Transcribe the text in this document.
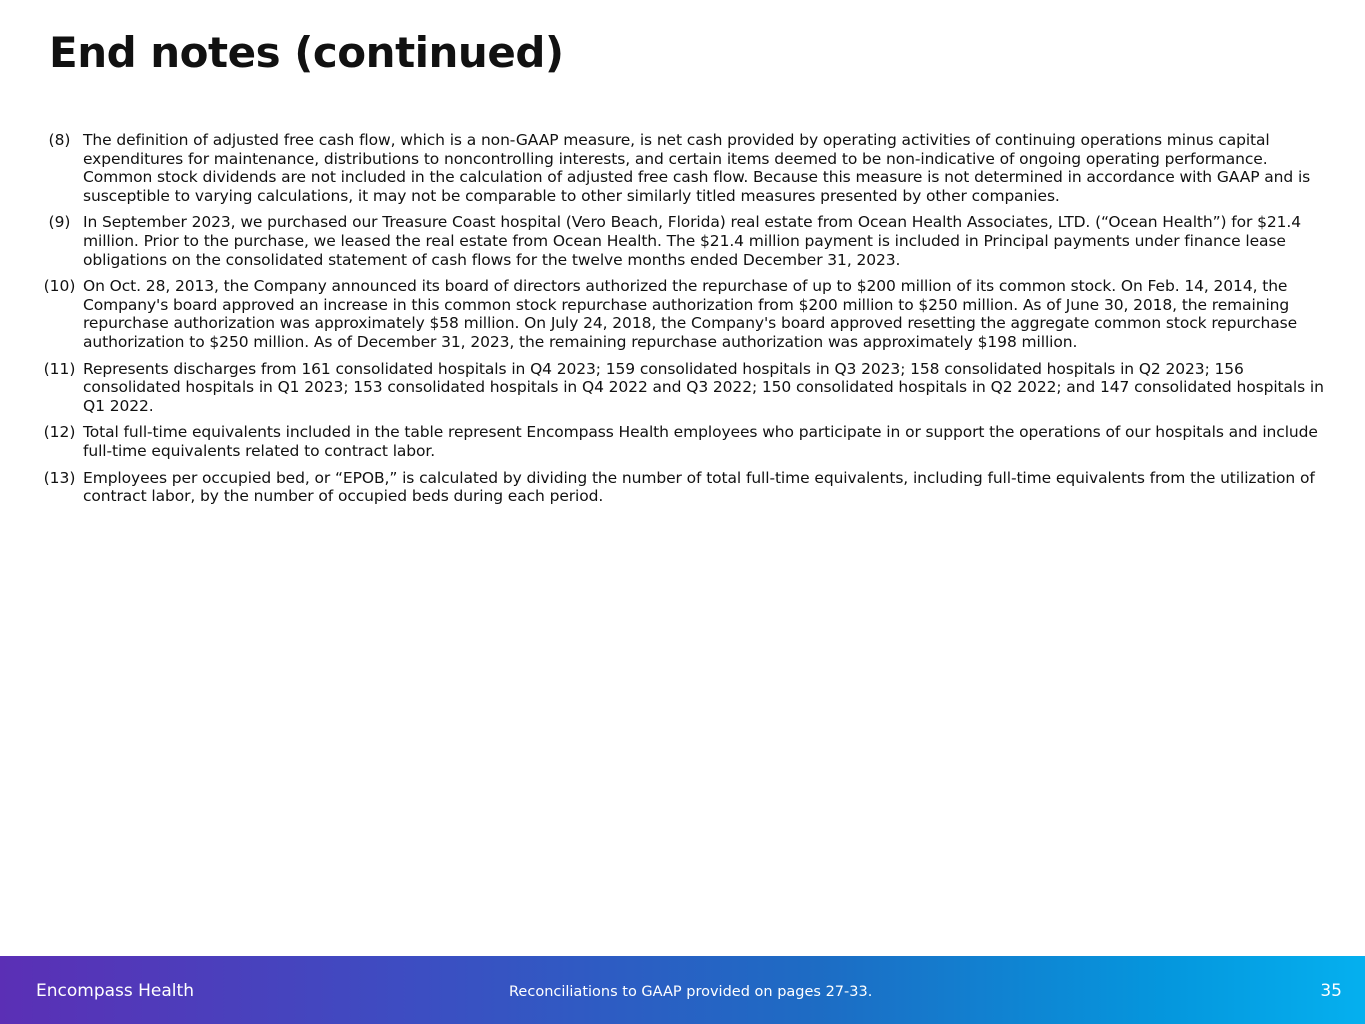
End notes (continued)
(8) The definition of adjusted free cash flow, which is a non-GAAP measure, is net cash provided by operating activities of continuing operations minus capital expenditures for maintenance, distributions to noncontrolling interests, and certain items deemed to be non-indicative of ongoing operating performance. Common stock dividends are not included in the calculation of adjusted free cash flow. Because this measure is not determined in accordance with GAAP and is susceptible to varying calculations, it may not be comparable to other similarly titled measures presented by other companies.
(9) In September 2023, we purchased our Treasure Coast hospital (Vero Beach, Florida) real estate from Ocean Health Associates, LTD. (“Ocean Health”) for $21.4 million. Prior to the purchase, we leased the real estate from Ocean Health. The $21.4 million payment is included in Principal payments under finance lease obligations on the consolidated statement of cash flows for the twelve months ended December 31, 2023.
(10) On Oct. 28, 2013, the Company announced its board of directors authorized the repurchase of up to $200 million of its common stock. On Feb. 14, 2014, the Company's board approved an increase in this common stock repurchase authorization from $200 million to $250 million. As of June 30, 2018, the remaining repurchase authorization was approximately $58 million. On July 24, 2018, the Company's board approved resetting the aggregate common stock repurchase authorization to $250 million. As of December 31, 2023, the remaining repurchase authorization was approximately $198 million.
(11) Represents discharges from 161 consolidated hospitals in Q4 2023; 159 consolidated hospitals in Q3 2023; 158 consolidated hospitals in Q2 2023; 156 consolidated hospitals in Q1 2023; 153 consolidated hospitals in Q4 2022 and Q3 2022; 150 consolidated hospitals in Q2 2022; and 147 consolidated hospitals in Q1 2022.
(12) Total full-time equivalents included in the table represent Encompass Health employees who participate in or support the operations of our hospitals and include full-time equivalents related to contract labor.
(13) Employees per occupied bed, or “EPOB,” is calculated by dividing the number of total full-time equivalents, including full-time equivalents from the utilization of contract labor, by the number of occupied beds during each period.
Encompass Health	Reconciliations to GAAP provided on pages 27-33.	35
